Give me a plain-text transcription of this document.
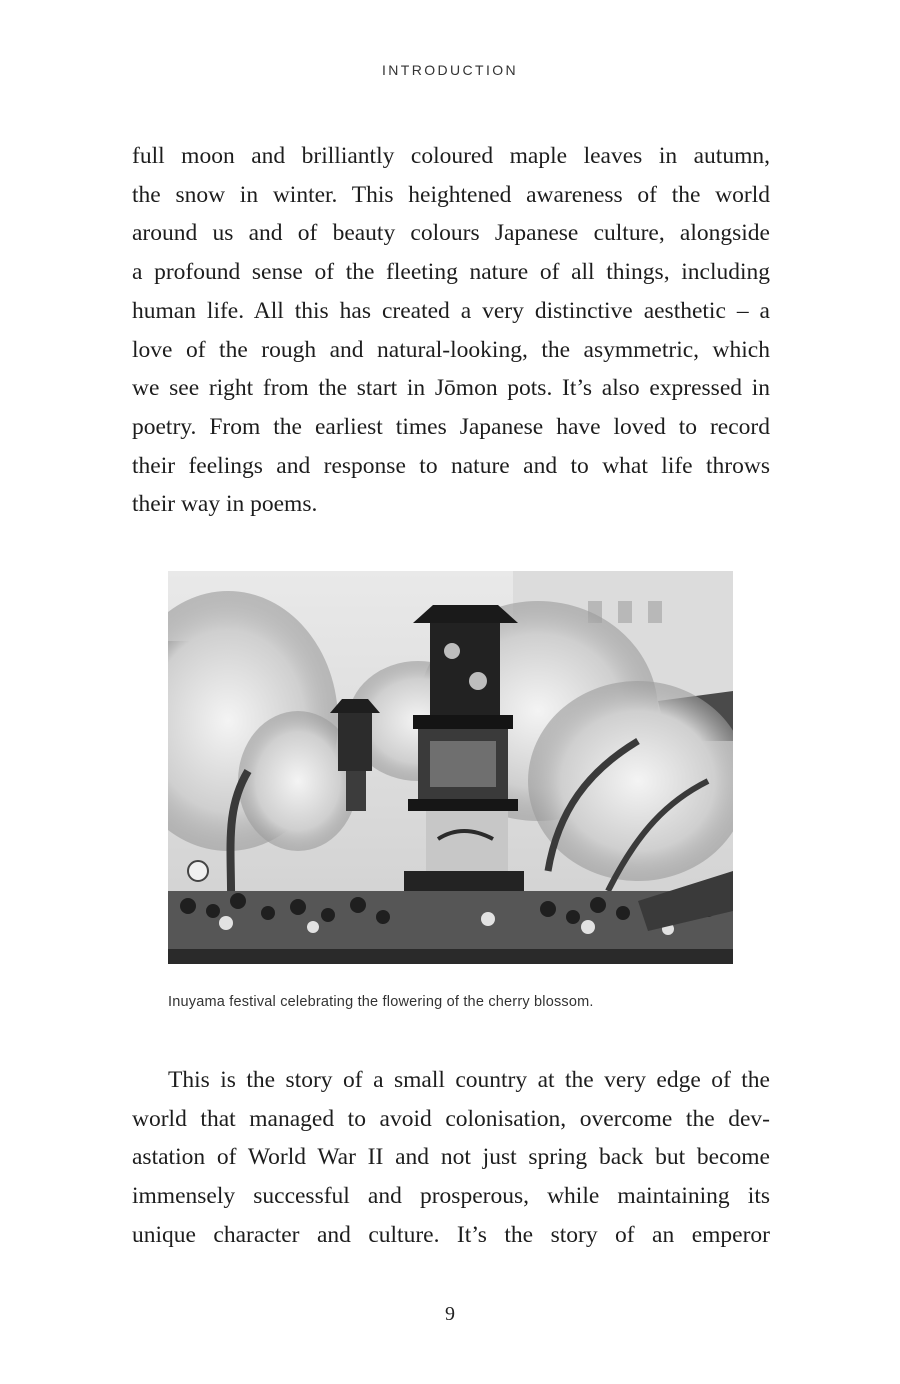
INTRODUCTION

full moon and brilliantly coloured maple leaves in autumn,
the snow in winter. This heightened awareness of the world
around us and of beauty colours Japanese culture, alongside
a profound sense of the fleeting nature of all things, including
human life. All this has created a very distinctive aesthetic – a
love of the rough and natural-looking, the asymmetric, which
we see right from the start in Jōmon pots. It’s also expressed in
poetry. From the earliest times Japanese have loved to record
their feelings and response to nature and to what life throws
their way in poems.

Inuyama festival celebrating the flowering of the cherry blossom.

This is the story of a small country at the very edge of the
world that managed to avoid colonisation, overcome the dev-
astation of World War II and not just spring back but become
immensely successful and prosperous, while maintaining its
unique character and culture. It’s the story of an emperor

9
